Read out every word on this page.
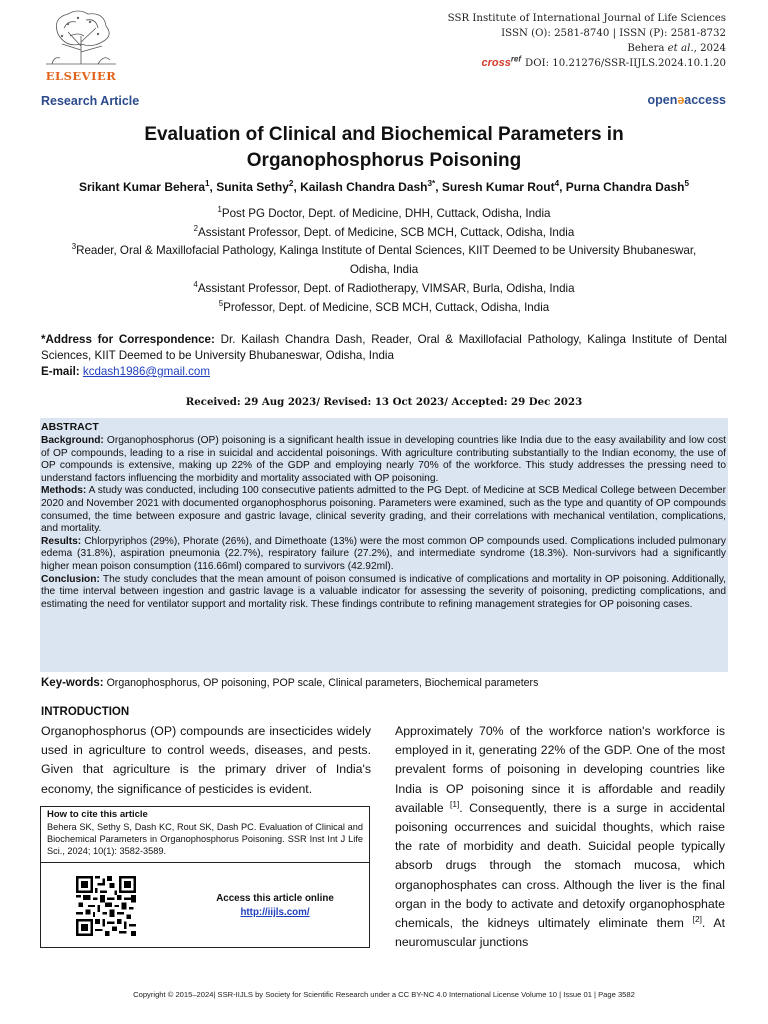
ELSEVIER
SSR Institute of International Journal of Life Sciences
ISSN (O): 2581-8740 | ISSN (P): 2581-8732
Behera et al., 2024
cross$^{ref}$ DOI: 10.21276/SSR-IIJLS.2024.10.1.20
Research Article	openəaccess
Evaluation of Clinical and Biochemical Parameters in
Organophosphorus Poisoning
Srikant Kumar Behera$^1$, Sunita Sethy$^2$, Kailash Chandra Dash$^{3*}$, Suresh Kumar Rout$^4$, Purna Chandra Dash$^5$
$^1$Post PG Doctor, Dept. of Medicine, DHH, Cuttack, Odisha, India
$^2$Assistant Professor, Dept. of Medicine, SCB MCH, Cuttack, Odisha, India
$^3$Reader, Oral & Maxillofacial Pathology, Kalinga Institute of Dental Sciences, KIIT Deemed to be University Bhubaneswar,
Odisha, India
$^4$Assistant Professor, Dept. of Radiotherapy, VIMSAR, Burla, Odisha, India
$^5$Professor, Dept. of Medicine, SCB MCH, Cuttack, Odisha, India
*Address for Correspondence: Dr. Kailash Chandra Dash, Reader, Oral & Maxillofacial Pathology, Kalinga Institute of Dental Sciences, KIIT Deemed to be University Bhubaneswar, Odisha, India
E-mail: kcdash1986@gmail.com
Received: 29 Aug 2023/ Revised: 13 Oct 2023/ Accepted: 29 Dec 2023
ABSTRACT

Background: Organophosphorus (OP) poisoning is a significant health issue in developing countries like India due to the easy availability and low cost of OP compounds, leading to a rise in suicidal and accidental poisonings. With agriculture contributing substantially to the Indian economy, the use of OP compounds is extensive, making up 22% of the GDP and employing nearly 70% of the workforce. This study addresses the pressing need to understand factors influencing the morbidity and mortality associated with OP poisoning.

Methods: A study was conducted, including 100 consecutive patients admitted to the PG Dept. of Medicine at SCB Medical College between December 2020 and November 2021 with documented organophosphorus poisoning. Parameters were examined, such as the type and quantity of OP compounds consumed, the time between exposure and gastric lavage, clinical severity grading, and their correlations with mechanical ventilation, complications, and mortality.

Results: Chlorpyriphos (29%), Phorate (26%), and Dimethoate (13%) were the most common OP compounds used. Complications included pulmonary edema (31.8%), aspiration pneumonia (22.7%), respiratory failure (27.2%), and intermediate syndrome (18.3%). Non-survivors had a significantly higher mean poison consumption (116.66ml) compared to survivors (42.92ml).

Conclusion: The study concludes that the mean amount of poison consumed is indicative of complications and mortality in OP poisoning. Additionally, the time interval between ingestion and gastric lavage is a valuable indicator for assessing the severity of poisoning, predicting complications, and estimating the need for ventilator support and mortality risk. These findings contribute to refining management strategies for OP poisoning cases.

Key-words: Organophosphorus, OP poisoning, POP scale, Clinical parameters, Biochemical parameters
INTRODUCTION
Organophosphorus (OP) compounds are insecticides widely used in agriculture to control weeds, diseases, and pests. Given that agriculture is the primary driver of India's economy, the significance of pesticides is evident.
Approximately 70% of the workforce nation's workforce is employed in it, generating 22% of the GDP. One of the most prevalent forms of poisoning in developing countries like India is OP poisoning since it is affordable and readily available [1]. Consequently, there is a surge in accidental poisoning occurrences and suicidal thoughts, which raise the rate of morbidity and death. Suicidal people typically absorb drugs through the stomach mucosa, which organophosphates can cross. Although the liver is the final organ in the body to activate and detoxify organophosphate chemicals, the kidneys ultimately eliminate them [2]. At neuromuscular junctions
How to cite this article
Behera SK, Sethy S, Dash KC, Rout SK, Dash PC. Evaluation of Clinical and Biochemical Parameters in Organophosphorus Poisoning. SSR Inst Int J Life Sci., 2024; 10(1): 3582-3589.
Access this article online
http://iijls.com/
Copyright © 2015–2024| SSR-IIJLS by Society for Scientific Research under a CC BY-NC 4.0 International License Volume 10 | Issue 01 | Page 3582
